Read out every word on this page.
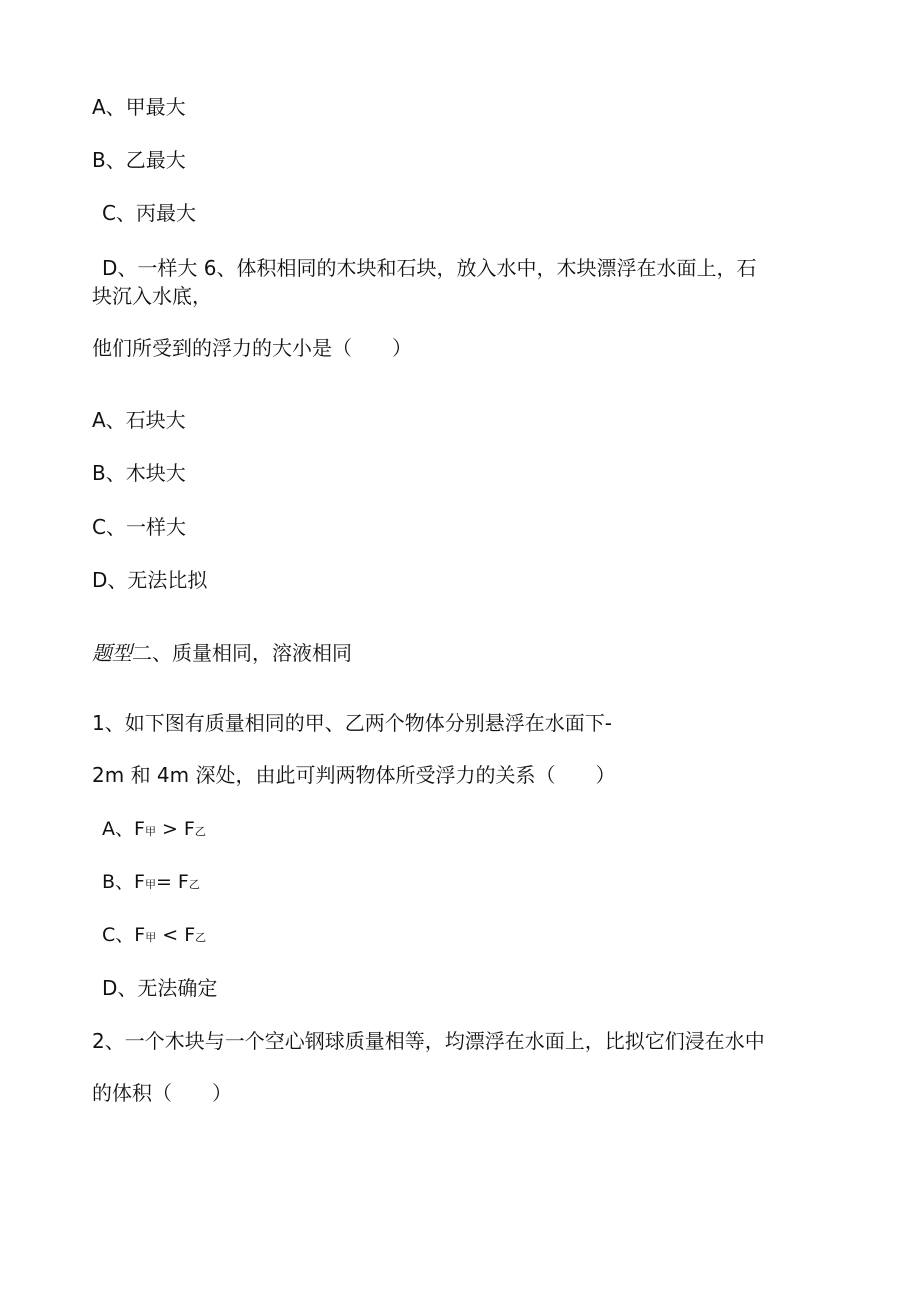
A、甲最大
B、乙最大
C、丙最大
D、一样大 6、体积相同的木块和石块，放入水中，木块漂浮在水面上，石
块沉入水底，
他们所受到的浮力的大小是（　　）
A、石块大
B、木块大
C、一样大
D、无法比拟
题型二、质量相同，溶液相同
1、如下图有质量相同的甲、乙两个物体分别悬浮在水面下-
2m 和 4m 深处，由此可判两物体所受浮力的关系（　　）
A、F甲 > F乙
B、F甲= F乙
C、F甲 < F乙
D、无法确定
2、一个木块与一个空心钢球质量相等，均漂浮在水面上，比拟它们浸在水中
的体积（　　）
